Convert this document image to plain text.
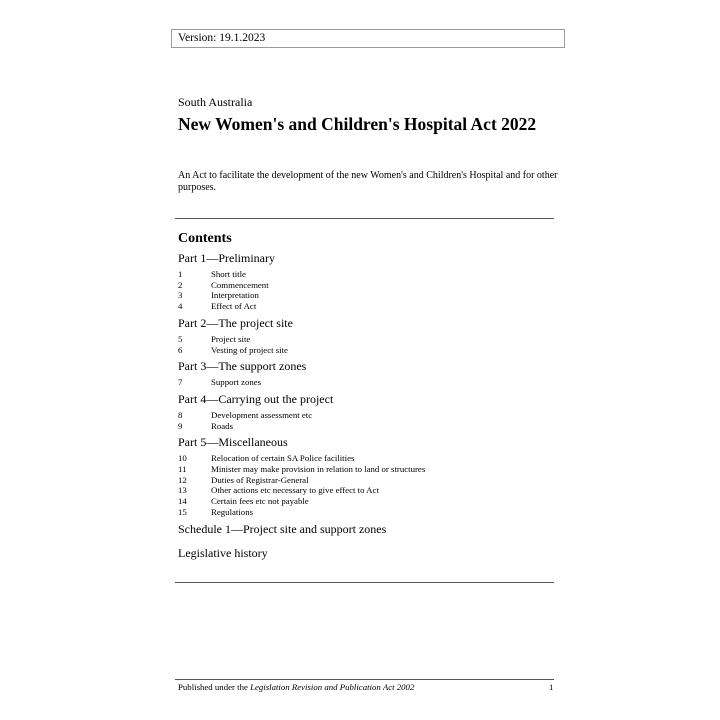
Version: 19.1.2023
South Australia
New Women's and Children's Hospital Act 2022

An Act to facilitate the development of the new Women's and Children's Hospital and for other purposes.

Contents
Part 1—Preliminary
1	Short title
2	Commencement
3	Interpretation
4	Effect of Act
Part 2—The project site
5	Project site
6	Vesting of project site
Part 3—The support zones
7	Support zones
Part 4—Carrying out the project
8	Development assessment etc
9	Roads
Part 5—Miscellaneous
10	Relocation of certain SA Police facilities
11	Minister may make provision in relation to land or structures
12	Duties of Registrar-General
13	Other actions etc necessary to give effect to Act
14	Certain fees etc not payable
15	Regulations
Schedule 1—Project site and support zones
Legislative history
Published under the Legislation Revision and Publication Act 2002	1
